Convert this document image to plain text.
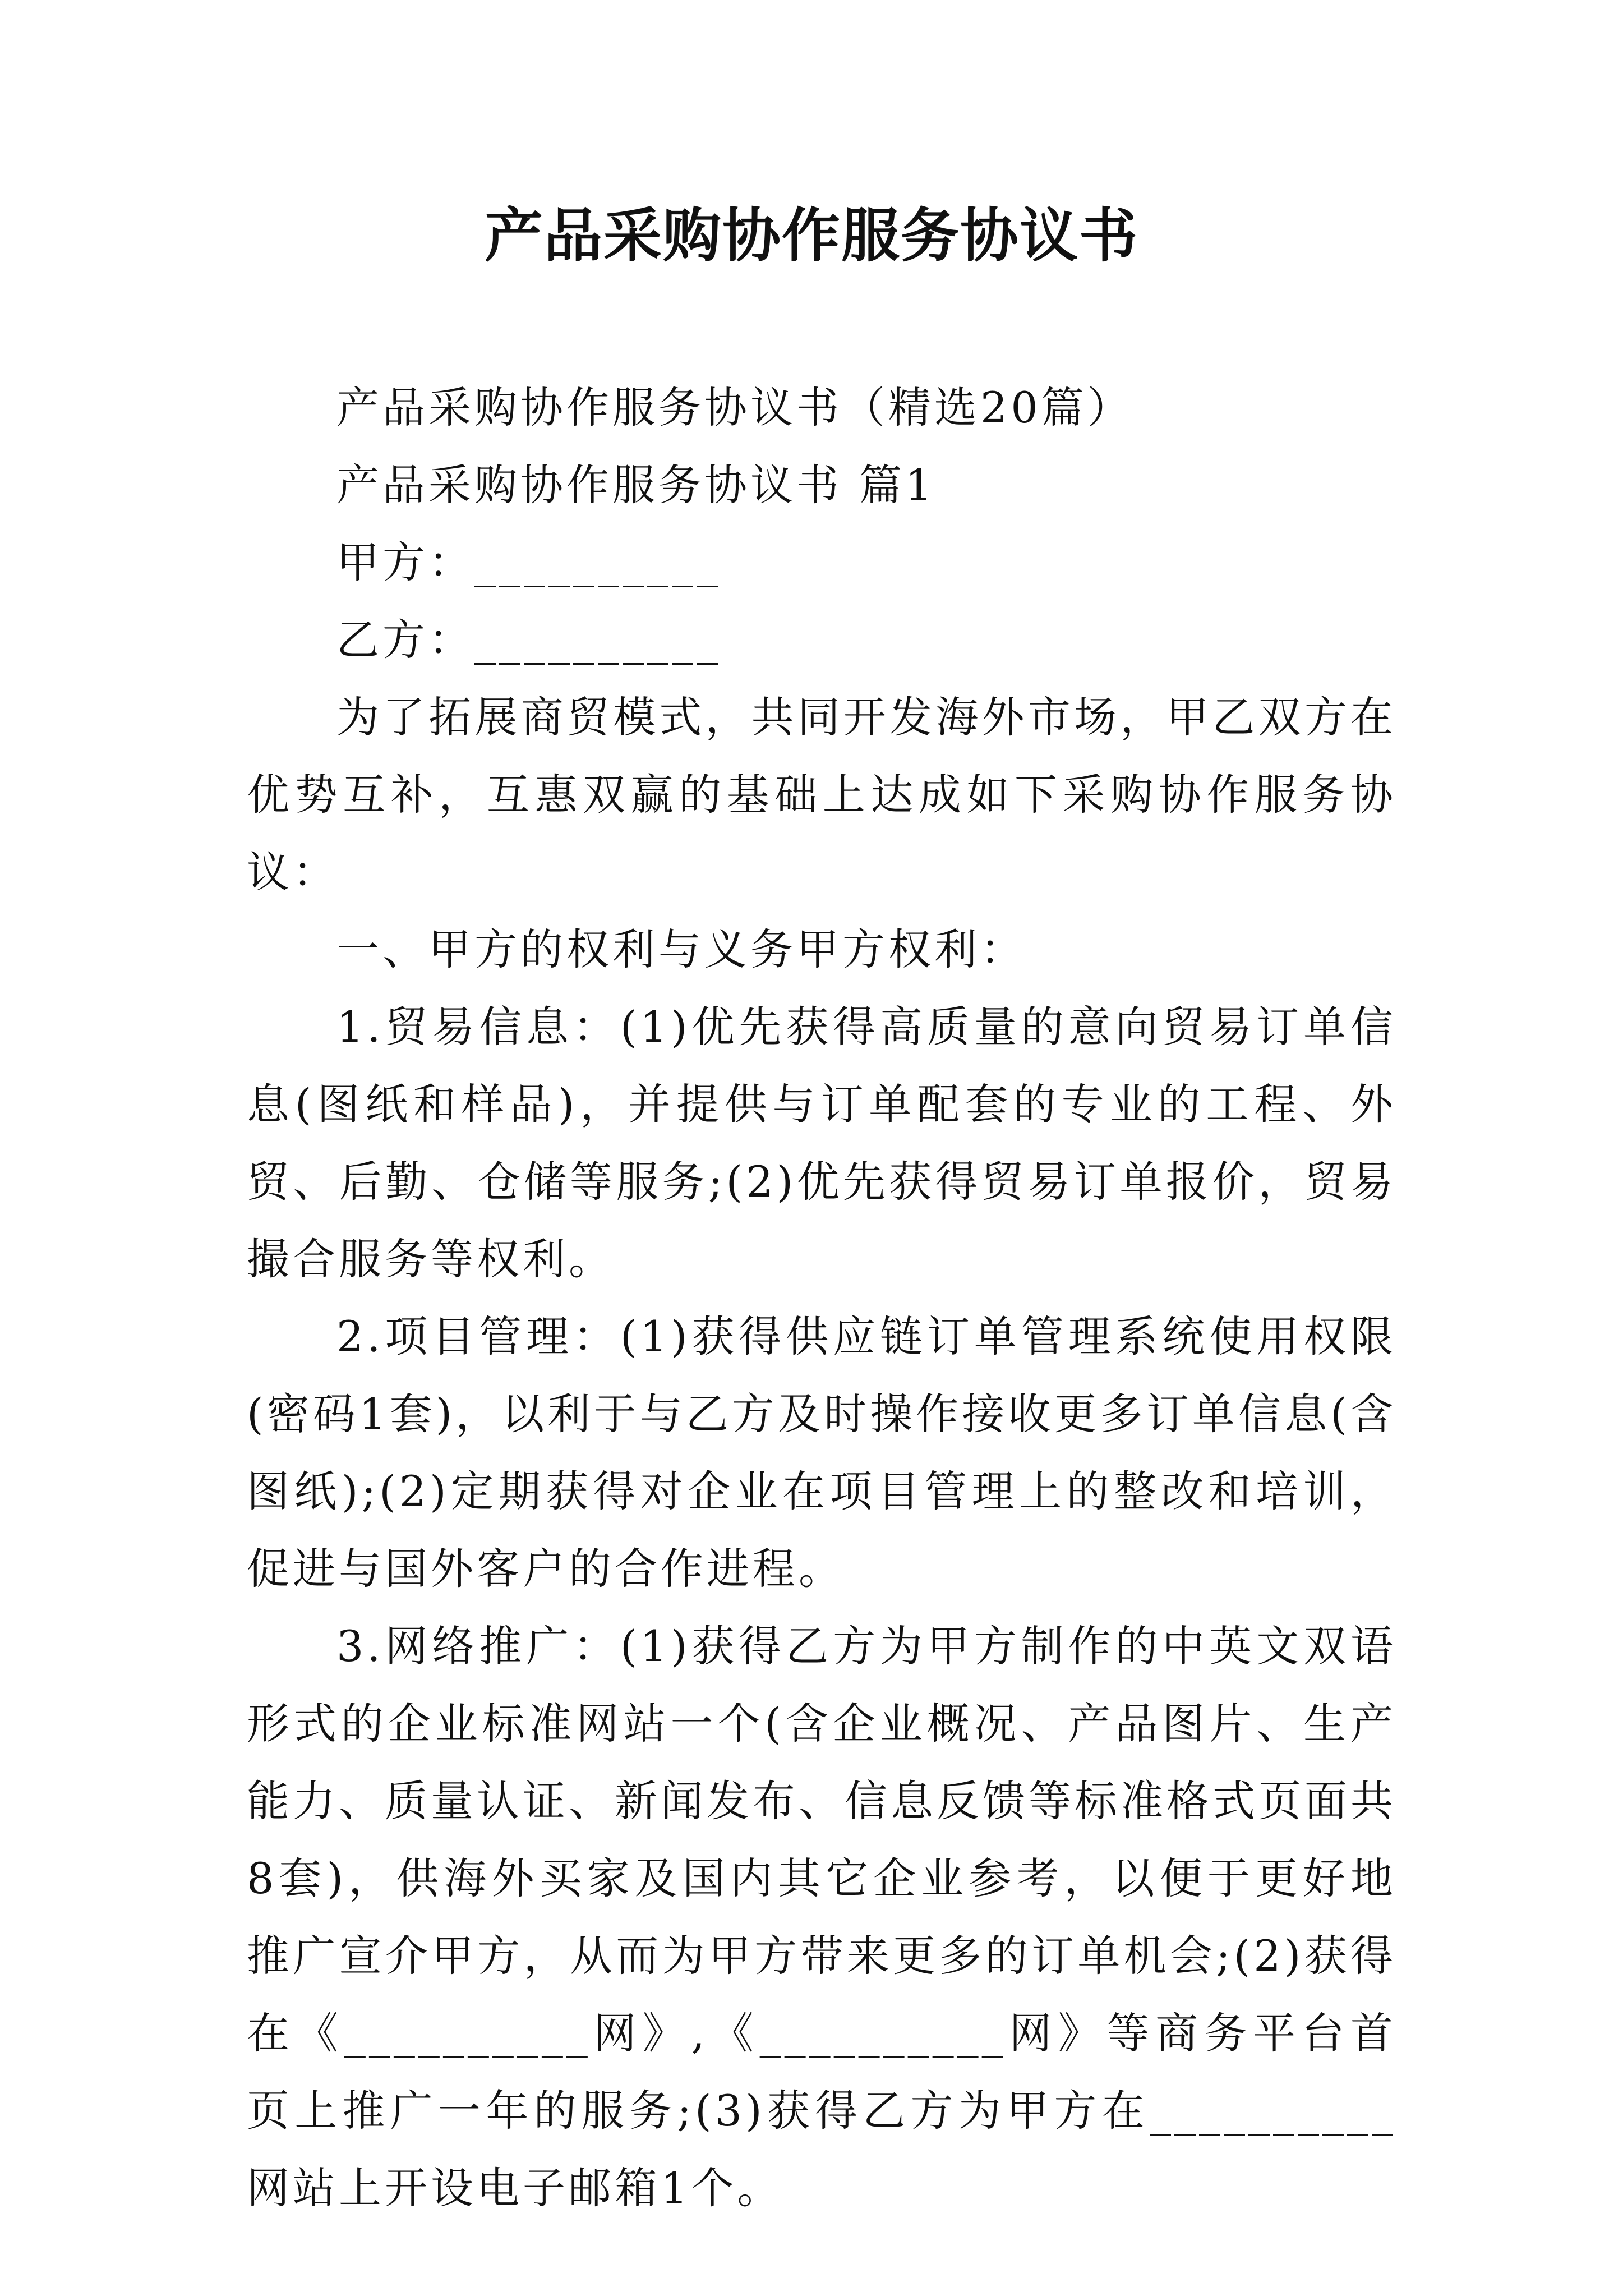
产品采购协作服务协议书

产品采购协作服务协议书（精选20篇）

产品采购协作服务协议书 篇1

甲方：__________

乙方：__________

为了拓展商贸模式，共同开发海外市场，甲乙双方在优势互补，互惠双赢的基础上达成如下采购协作服务协议：

一、甲方的权利与义务甲方权利：

1.贸易信息：(1)优先获得高质量的意向贸易订单信息(图纸和样品)，并提供与订单配套的专业的工程、外贸、后勤、仓储等服务;(2)优先获得贸易订单报价，贸易撮合服务等权利。

2.项目管理：(1)获得供应链订单管理系统使用权限(密码1套)，以利于与乙方及时操作接收更多订单信息(含图纸);(2)定期获得对企业在项目管理上的整改和培训，促进与国外客户的合作进程。

3.网络推广：(1)获得乙方为甲方制作的中英文双语形式的企业标准网站一个(含企业概况、产品图片、生产能力、质量认证、新闻发布、信息反馈等标准格式页面共8套)，供海外买家及国内其它企业参考，以便于更好地推广宣介甲方，从而为甲方带来更多的订单机会;(2)获得在《__________网》,《__________网》等商务平台首页上推广一年的服务;(3)获得乙方为甲方在__________网站上开设电子邮箱1个。
